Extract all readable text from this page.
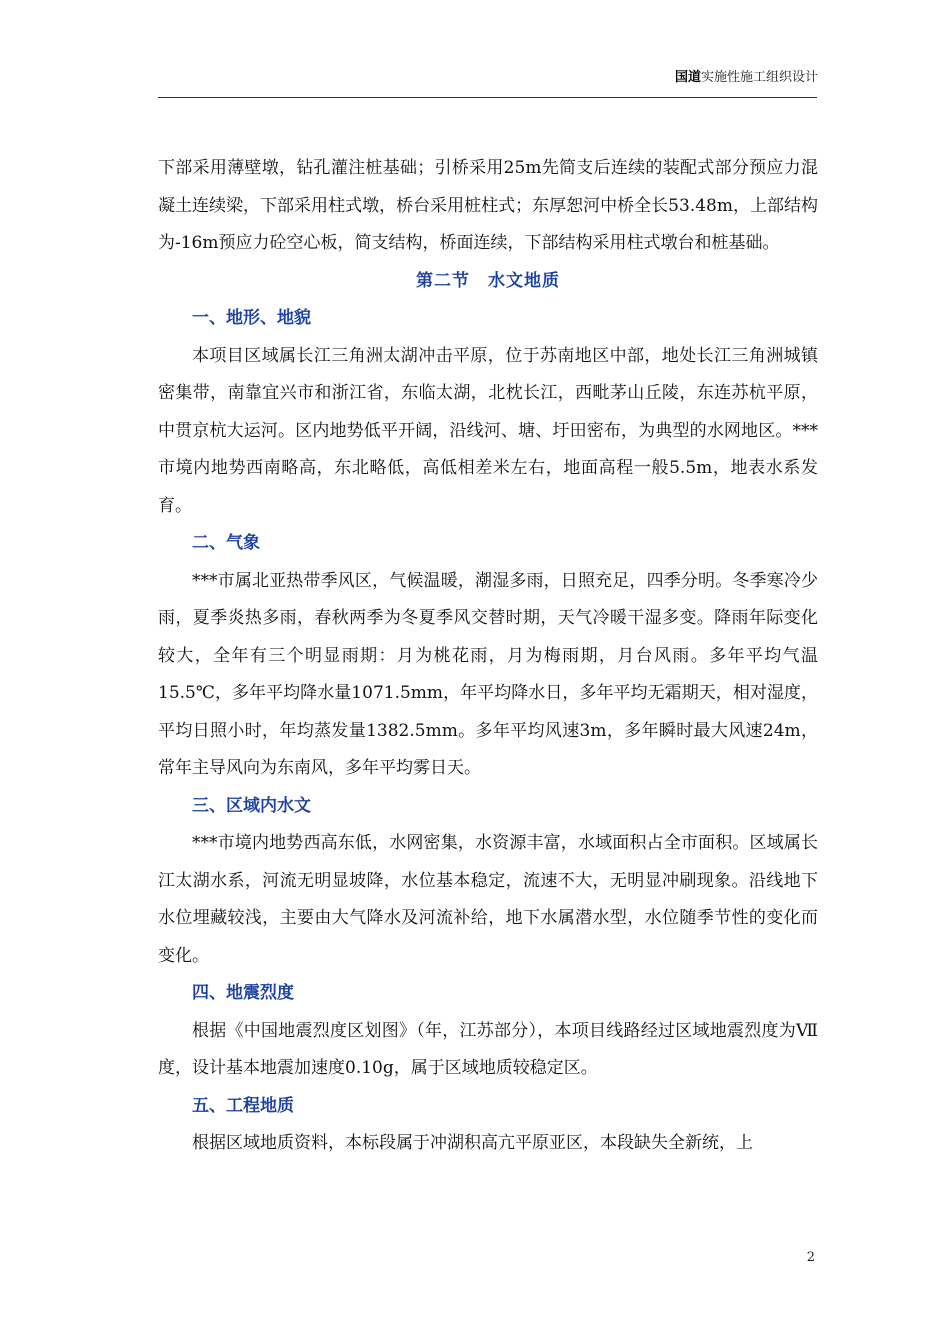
国道实施性施工组织设计

下部采用薄壁墩，钻孔灌注桩基础；引桥采用25m先简支后连续的装配式部分预应力混凝土连续梁，下部采用柱式墩，桥台采用桩柱式；东厚恕河中桥全长53.48m，上部结构为-16m预应力砼空心板，简支结构，桥面连续，下部结构采用柱式墩台和桩基础。

第二节　水文地质

一、地形、地貌

本项目区域属长江三角洲太湖冲击平原，位于苏南地区中部，地处长江三角洲城镇密集带，南靠宜兴市和浙江省，东临太湖，北枕长江，西毗茅山丘陵，东连苏杭平原，中贯京杭大运河。区内地势低平开阔，沿线河、塘、圩田密布，为典型的水网地区。***市境内地势西南略高，东北略低，高低相差米左右，地面高程一般5.5m，地表水系发育。

二、气象

***市属北亚热带季风区，气候温暖，潮湿多雨，日照充足，四季分明。冬季寒冷少雨，夏季炎热多雨，春秋两季为冬夏季风交替时期，天气冷暖干湿多变。降雨年际变化较大，全年有三个明显雨期：月为桃花雨，月为梅雨期，月台风雨。多年平均气温15.5℃，多年平均降水量1071.5mm，年平均降水日，多年平均无霜期天，相对湿度，平均日照小时，年均蒸发量1382.5mm。多年平均风速3m，多年瞬时最大风速24m，常年主导风向为东南风，多年平均雾日天。

三、区域内水文

***市境内地势西高东低，水网密集，水资源丰富，水域面积占全市面积。区域属长江太湖水系，河流无明显坡降，水位基本稳定，流速不大，无明显冲刷现象。沿线地下水位埋藏较浅，主要由大气降水及河流补给，地下水属潜水型，水位随季节性的变化而变化。

四、地震烈度

根据《中国地震烈度区划图》（年，江苏部分），本项目线路经过区域地震烈度为Ⅶ度，设计基本地震加速度0.10g，属于区域地质较稳定区。

五、工程地质

根据区域地质资料，本标段属于冲湖积高亢平原亚区，本段缺失全新统，上

2
